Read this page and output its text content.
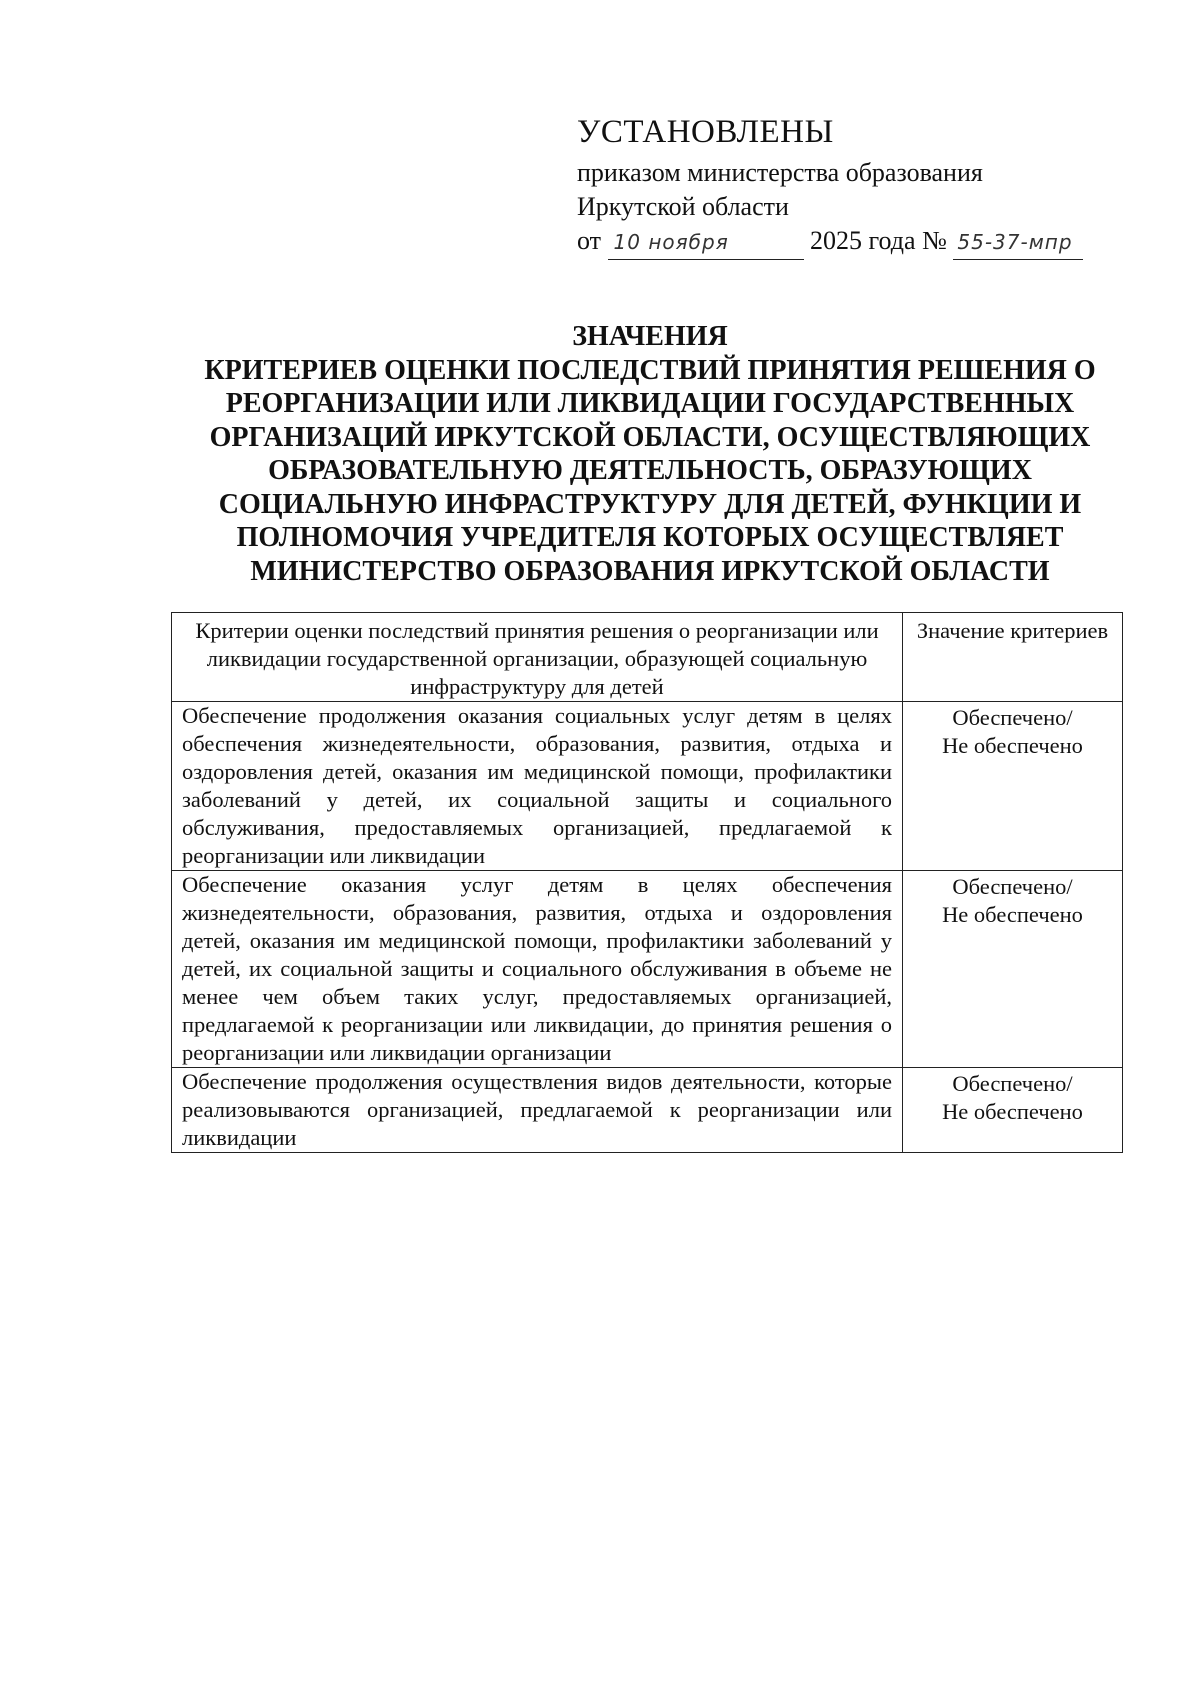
УСТАНОВЛЕНЫ
приказом министерства образования
Иркутской области
от 10 ноября	2025 года № 55-37-мпр
ЗНАЧЕНИЯ
КРИТЕРИЕВ ОЦЕНКИ ПОСЛЕДСТВИЙ ПРИНЯТИЯ РЕШЕНИЯ О
РЕОРГАНИЗАЦИИ ИЛИ ЛИКВИДАЦИИ ГОСУДАРСТВЕННЫХ
ОРГАНИЗАЦИЙ ИРКУТСКОЙ ОБЛАСТИ, ОСУЩЕСТВЛЯЮЩИХ
ОБРАЗОВАТЕЛЬНУЮ ДЕЯТЕЛЬНОСТЬ, ОБРАЗУЮЩИХ
СОЦИАЛЬНУЮ ИНФРАСТРУКТУРУ ДЛЯ ДЕТЕЙ, ФУНКЦИИ И
ПОЛНОМОЧИЯ УЧРЕДИТЕЛЯ КОТОРЫХ ОСУЩЕСТВЛЯЕТ
МИНИСТЕРСТВО ОБРАЗОВАНИЯ ИРКУТСКОЙ ОБЛАСТИ
Критерии оценки последствий принятия решения о реорганизации или ликвидации государственной организации, образующей социальную инфраструктуру для детей	Значение критериев
Обеспечение продолжения оказания социальных услуг детям в целях обеспечения жизнедеятельности, образования, развития, отдыха и оздоровления детей, оказания им медицинской помощи, профилактики заболеваний у детей, их социальной защиты и социального обслуживания, предоставляемых организацией, предлагаемой к реорганизации или ликвидации	Обеспечено/
Не обеспечено

Обеспечение оказания услуг детям в целях обеспечения жизнедеятельности, образования, развития, отдыха и оздоровления детей, оказания им медицинской помощи, профилактики заболеваний у детей, их социальной защиты и социального обслуживания в объеме не менее чем объем таких услуг, предоставляемых организацией, предлагаемой к реорганизации или ликвидации, до принятия решения о реорганизации или ликвидации организации	Обеспечено/
Не обеспечено

Обеспечение продолжения осуществления видов деятельности, которые реализовываются организацией, предлагаемой к реорганизации или ликвидации	Обеспечено/
Не обеспечено
